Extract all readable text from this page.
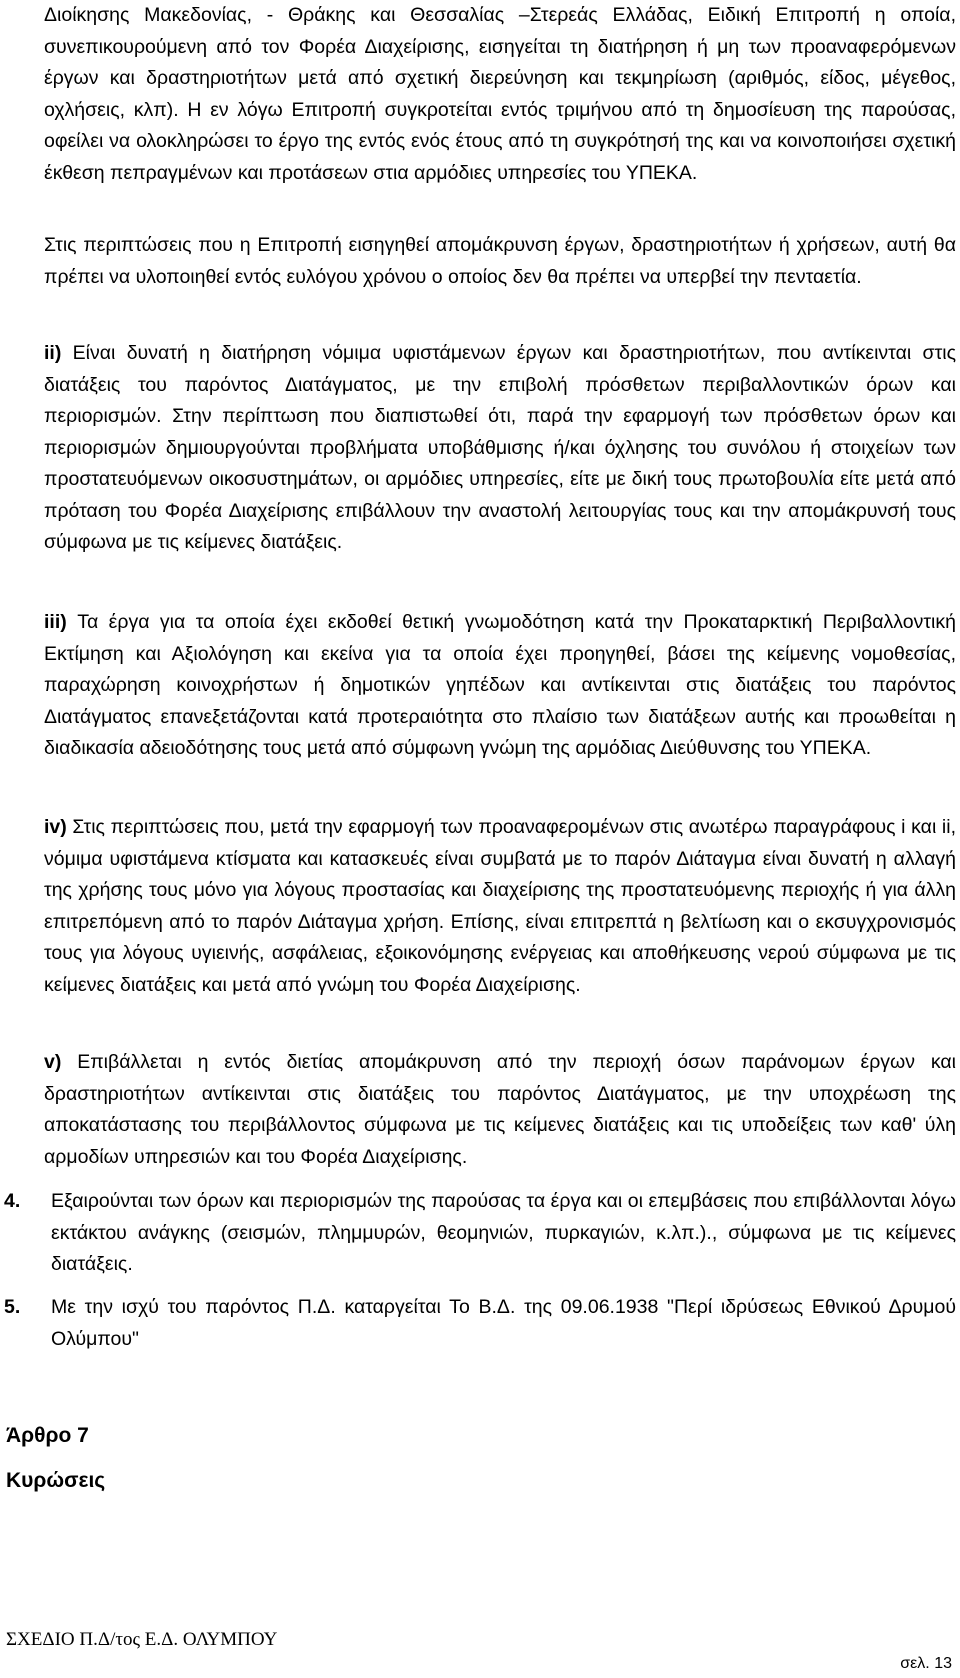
Διοίκησης Μακεδονίας, - Θράκης και Θεσσαλίας –Στερεάς Ελλάδας, Ειδική Επιτροπή η οποία, συνεπικουρούμενη από τον Φορέα Διαχείρισης, εισηγείται τη διατήρηση ή μη των προαναφερόμενων έργων και δραστηριοτήτων μετά από σχετική διερεύνηση και τεκμηρίωση (αριθμός, είδος, μέγεθος, οχλήσεις, κλπ). Η εν λόγω Επιτροπή συγκροτείται εντός τριμήνου από τη δημοσίευση της παρούσας, οφείλει να ολοκληρώσει το έργο της εντός ενός έτους από τη συγκρότησή της και να κοινοποιήσει σχετική έκθεση πεπραγμένων και προτάσεων στια αρμόδιες υπηρεσίες του ΥΠΕΚΑ.

Στις περιπτώσεις που η Επιτροπή εισηγηθεί απομάκρυνση έργων, δραστηριοτήτων ή χρήσεων, αυτή θα πρέπει να υλοποιηθεί εντός ευλόγου χρόνου ο οποίος δεν θα πρέπει να υπερβεί την πενταετία.

ii) Είναι δυνατή η διατήρηση νόμιμα υφιστάμενων έργων και δραστηριοτήτων, που αντίκεινται στις διατάξεις του παρόντος Διατάγματος, με την επιβολή πρόσθετων περιβαλλοντικών όρων και περιορισμών. Στην περίπτωση που διαπιστωθεί ότι, παρά την εφαρμογή των πρόσθετων όρων και περιορισμών δημιουργούνται προβλήματα υποβάθμισης ή/και όχλησης του συνόλου ή στοιχείων των προστατευόμενων οικοσυστημάτων, οι αρμόδιες υπηρεσίες, είτε με δική τους πρωτοβουλία είτε μετά από πρόταση του Φορέα Διαχείρισης επιβάλλουν την αναστολή λειτουργίας τους και την απομάκρυνσή τους σύμφωνα με τις κείμενες διατάξεις.

iii) Τα έργα για τα οποία έχει εκδοθεί θετική γνωμοδότηση κατά την Προκαταρκτική Περιβαλλοντική Εκτίμηση και Αξιολόγηση και εκείνα για τα οποία έχει προηγηθεί, βάσει της κείμενης νομοθεσίας, παραχώρηση κοινοχρήστων ή δημοτικών γηπέδων και αντίκεινται στις διατάξεις του παρόντος Διατάγματος επανεξετάζονται κατά προτεραιότητα στο πλαίσιο των διατάξεων αυτής και προωθείται η διαδικασία αδειοδότησης τους μετά από σύμφωνη γνώμη της αρμόδιας Διεύθυνσης του ΥΠΕΚΑ.

iv) Στις περιπτώσεις που, μετά την εφαρμογή των προαναφερομένων στις ανωτέρω παραγράφους i και ii, νόμιμα υφιστάμενα κτίσματα και κατασκευές είναι συμβατά με το παρόν Διάταγμα είναι δυνατή η αλλαγή της χρήσης τους μόνο για λόγους προστασίας και διαχείρισης της προστατευόμενης περιοχής ή για άλλη επιτρεπόμενη από το παρόν Διάταγμα χρήση. Επίσης, είναι επιτρεπτά η βελτίωση και ο εκσυγχρονισμός τους για λόγους υγιεινής, ασφάλειας, εξοικονόμησης ενέργειας και αποθήκευσης νερού σύμφωνα με τις κείμενες διατάξεις και μετά από γνώμη του Φορέα Διαχείρισης.

v) Επιβάλλεται η εντός διετίας απομάκρυνση από την περιοχή όσων παράνομων έργων και δραστηριοτήτων αντίκεινται στις διατάξεις του παρόντος Διατάγματος, με την υποχρέωση της αποκατάστασης του περιβάλλοντος σύμφωνα με τις κείμενες διατάξεις και τις υποδείξεις των καθ' ύλη αρμοδίων υπηρεσιών και του Φορέα Διαχείρισης.

4. Εξαιρούνται των όρων και περιορισμών της παρούσας τα έργα και οι επεμβάσεις που επιβάλλονται λόγω εκτάκτου ανάγκης (σεισμών, πλημμυρών, θεομηνιών, πυρκαγιών, κ.λπ.)., σύμφωνα με τις κείμενες διατάξεις.

5. Με την ισχύ του παρόντος Π.Δ. καταργείται Το Β.Δ. της 09.06.1938 "Περί ιδρύσεως Εθνικού Δρυμού Ολύμπου"

Άρθρο 7
Κυρώσεις
ΣΧΕΔΙΟ Π.Δ/τος Ε.Δ. ΟΛΥΜΠΟΥ
σελ. 13
